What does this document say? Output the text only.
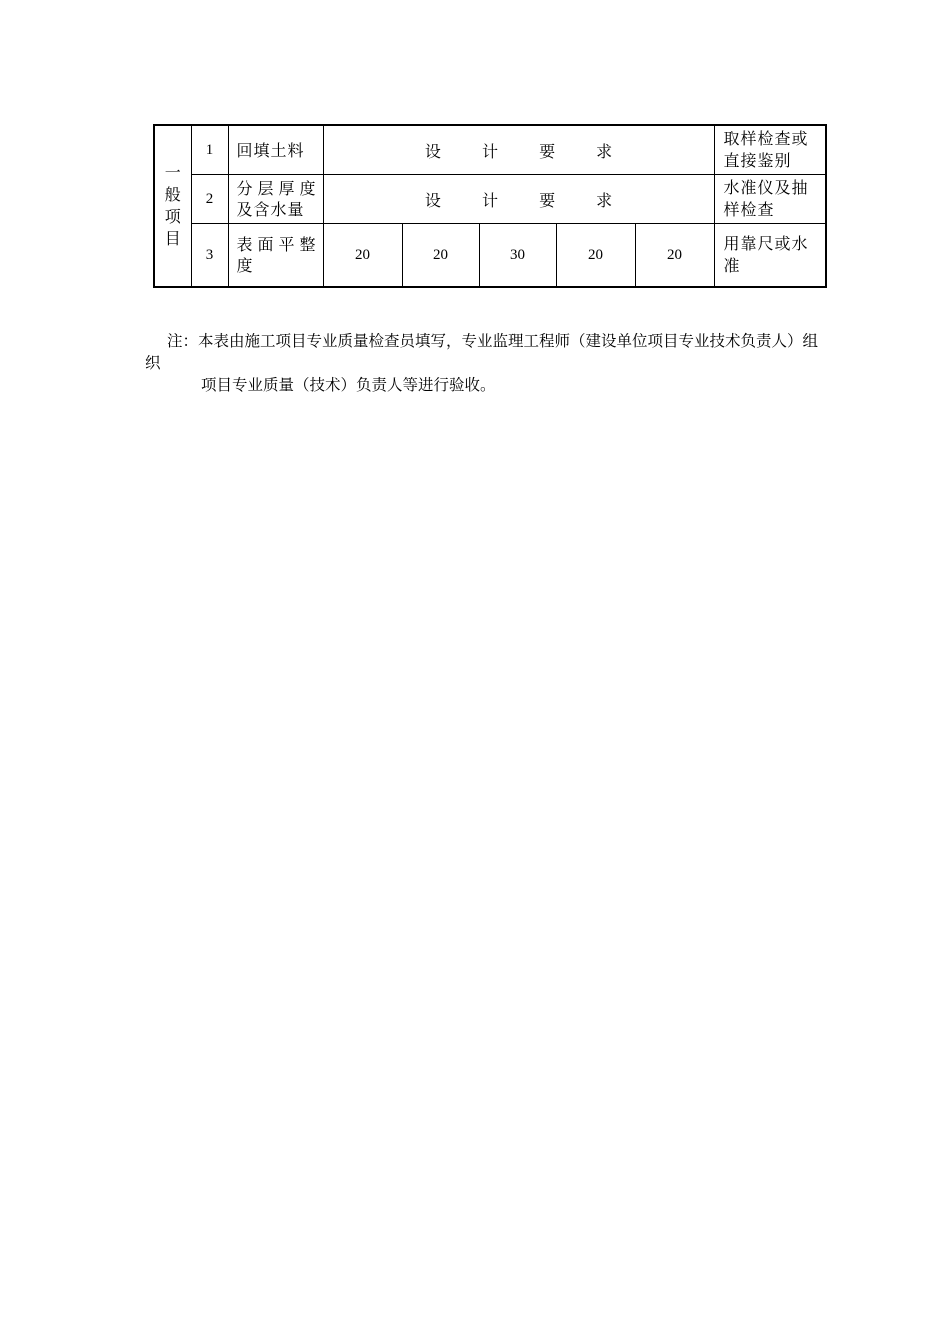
一般项目	1	回填土料	设 计 要 求					取样检查或直接鉴别
	2	分层厚度及含水量	设 计 要 求					水准仪及抽样检查
	3	表面平整度	20	20	30	20	20	用靠尺或水准

注：本表由施工项目专业质量检查员填写，专业监理工程师（建设单位项目专业技术负责人）组织

项目专业质量（技术）负责人等进行验收。
